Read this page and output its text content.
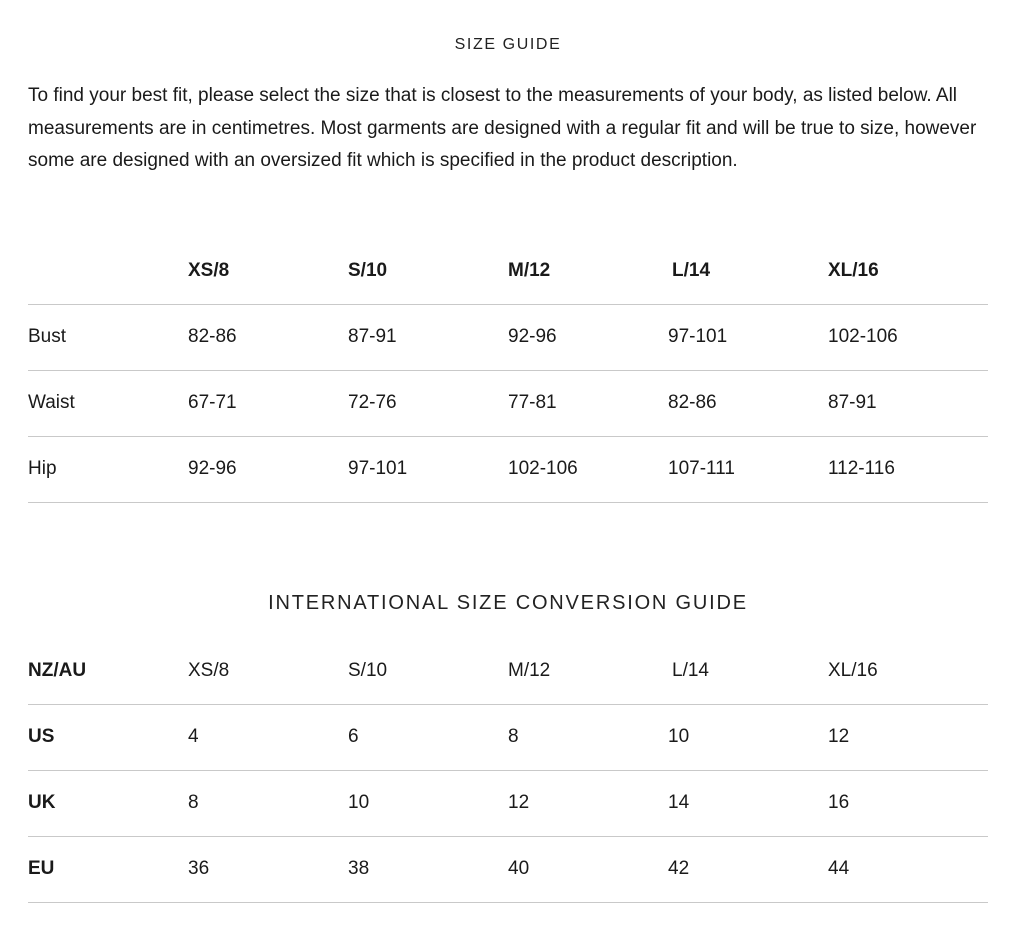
SIZE GUIDE

To find your best fit, please select the size that is closest to the measurements of your body, as listed below. All measurements are in centimetres. Most garments are designed with a regular fit and will be true to size, however some are designed with an oversized fit which is specified in the product description.

	XS/8	S/10	M/12	L/14	XL/16
Bust	82-86	87-91	92-96	97-101	102-106
Waist	67-71	72-76	77-81	82-86	87-91
Hip	92-96	97-101	102-106	107-111	112-116
INTERNATIONAL SIZE CONVERSION GUIDE
NZ/AU	XS/8	S/10	M/12	L/14	XL/16
US	4	6	8	10	12
UK	8	10	12	14	16
EU	36	38	40	42	44
